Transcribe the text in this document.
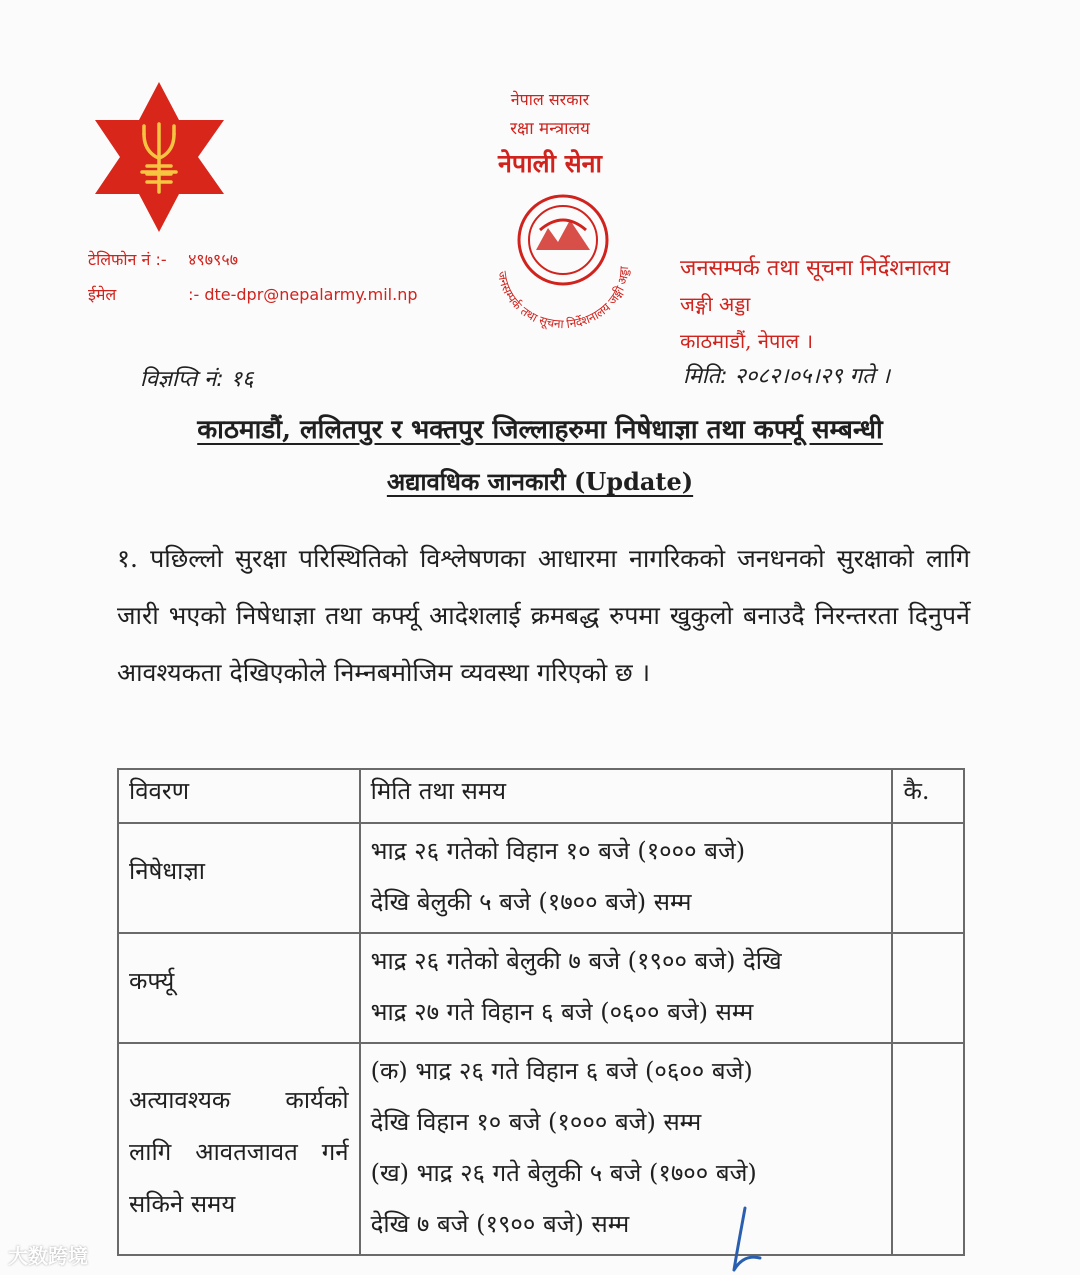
नेपाल सरकार
रक्षा मन्त्रालय
नेपाली सेना
जनसम्पर्क तथा सूचना निर्देशनालय जङ्गी अड्डा
टेलिफोन नं :- ४९७९५७
ईमेल	:- dte-dpr@nepalarmy.mil.np
जनसम्पर्क तथा सूचना निर्देशनालय
जङ्गी अड्डा
काठमाडौं, नेपाल ।
विज्ञप्ति नं: १६	मिति: २०८२।०५।२९ गते ।
काठमाडौं, ललितपुर र भक्तपुर जिल्लाहरुमा निषेधाज्ञा तथा कर्फ्यू सम्बन्धी
अद्यावधिक जानकारी (Update)
१. पछिल्लो सुरक्षा परिस्थितिको विश्लेषणका आधारमा नागरिकको जनधनको सुरक्षाको लागि जारी भएको निषेधाज्ञा तथा कर्फ्यू आदेशलाई क्रमबद्ध रुपमा खुकुलो बनाउदै निरन्तरता दिनुपर्ने आवश्यकता देखिएकोले निम्नबमोजिम व्यवस्था गरिएको छ ।
विवरण	मिति तथा समय	कै.
निषेधाज्ञा	भाद्र २६ गतेको विहान १० बजे (१००० बजे)
देखि बेलुकी ५ बजे (१७०० बजे) सम्म	

कर्फ्यू	भाद्र २६ गतेको बेलुकी ७ बजे (१९०० बजे) देखि
भाद्र २७ गते विहान ६ बजे (०६०० बजे) सम्म	

अत्यावश्यक कार्यको लागि आवतजावत गर्न सकिने समय	(क) भाद्र २६ गते विहान ६ बजे (०६०० बजे)
देखि विहान १० बजे (१००० बजे) सम्म
(ख) भाद्र २६ गते बेलुकी ५ बजे (१७०० बजे)
देखि ७ बजे (१९०० बजे) सम्म	

大数跨境
